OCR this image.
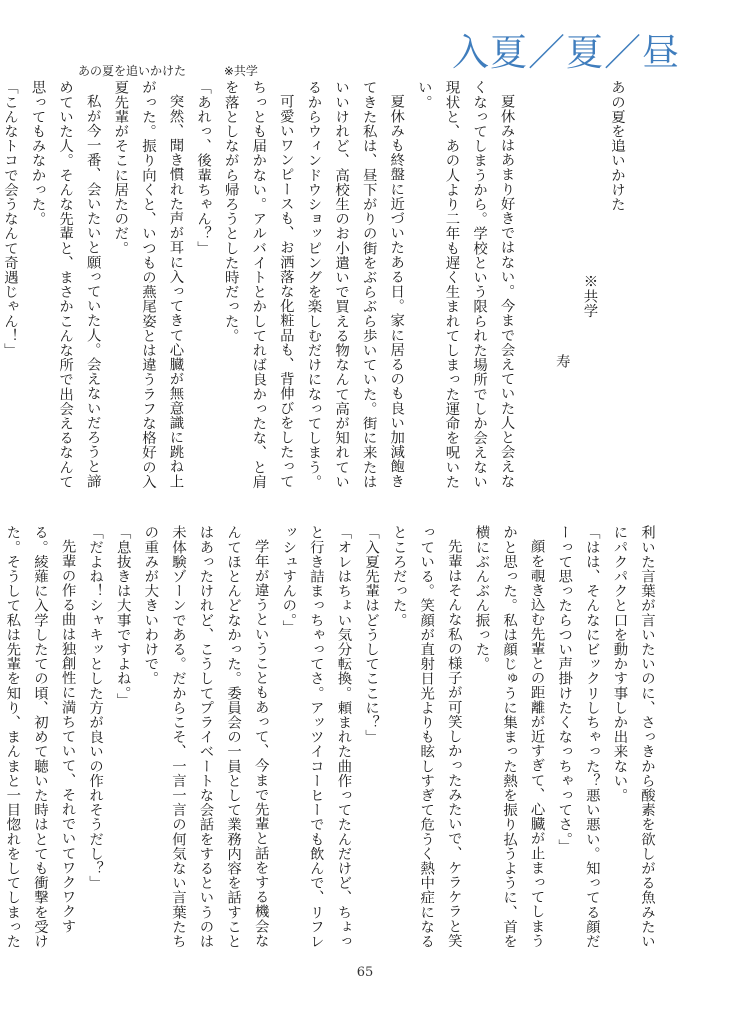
入夏／夏／昼
あの夏を追いかけた	※共学

あの夏を追いかけた

※共学

寿

夏休みはあまり好きではない。今まで会えていた人と会えなくなってしまうから。学校という限られた場所でしか会えない現状と、あの人より二年も遅く生まれてしまった運命を呪いたい。

夏休みも終盤に近づいたある日。家に居るのも良い加減飽きてきた私は、昼下がりの街をぶらぶら歩いていた。街に来たはいいけれど、高校生のお小遣いで買える物なんて高が知れているからウィンドウショッピングを楽しむだけになってしまう。

可愛いワンピースも、お洒落な化粧品も、背伸びをしたってちっとも届かない。アルバイトとかしてれば良かったな、と肩を落としながら帰ろうとした時だった。

「あれっ、後輩ちゃん？」

突然、聞き慣れた声が耳に入ってきて心臓が無意識に跳ね上がった。振り向くと、いつもの燕尾姿とは違うラフな格好の入夏先輩がそこに居たのだ。

私が今一番、会いたいと願っていた人。会えないだろうと諦めていた人。そんな先輩と、まさかこんな所で出会えるなんて思ってもみなかった。

「こんなトコで会うなんて奇遇じゃん！」

利いた言葉が言いたいのに、さっきから酸素を欲しがる魚みたいにパクパクと口を動かす事しか出来ない。

「はは、そんなにビックリしちゃった？悪い悪い。知ってる顔だーって思ったらつい声掛けたくなっちゃってさ。」

顔を覗き込む先輩との距離が近すぎて、心臓が止まってしまうかと思った。私は顔じゅうに集まった熱を振り払うように、首を横にぶんぶん振った。

先輩はそんな私の様子が可笑しかったみたいで、ケラケラと笑っている。笑顔が直射日光よりも眩しすぎて危うく熱中症になるところだった。

「入夏先輩はどうしてここに？」

「オレはちょい気分転換。頼まれた曲作ってたんだけど、ちょっと行き詰まっちゃってさ。アッツイコーヒーでも飲んで、リフレッシュすんの。」

学年が違うということもあって、今まで先輩と話をする機会なんてほとんどなかった。委員会の一員として業務内容を話すことはあったけれど、こうしてプライベートな会話をするというのは未体験ゾーンである。だからこそ、一言一言の何気ない言葉たちの重みが大きいわけで。

「息抜きは大事ですよね。」

「だよね！シャキッとした方が良いの作れそうだし？」

先輩の作る曲は独創性に満ちていて、それでいてワクワクする。綾薙に入学したての頃、初めて聴いた時はとても衝撃を受けた。そうして私は先輩を知り、まんまと一目惚れをしてしまった

65
